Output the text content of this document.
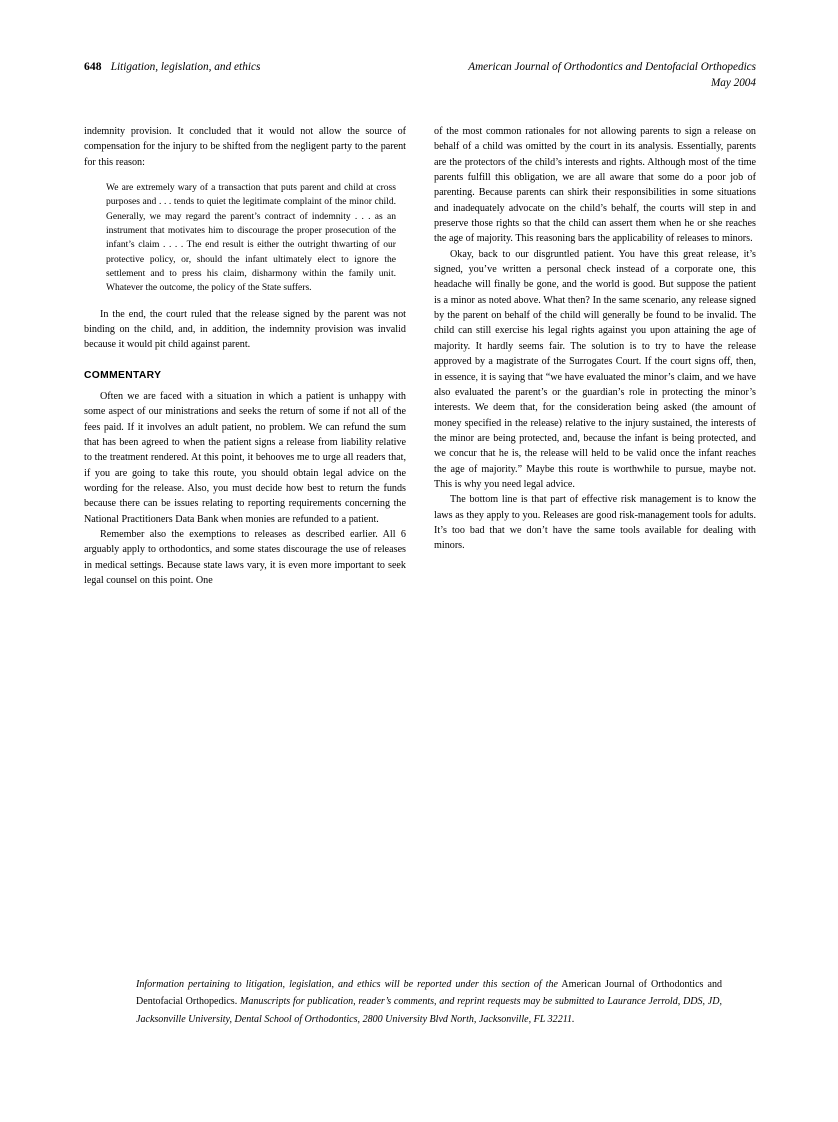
648 Litigation, legislation, and ethics	American Journal of Orthodontics and Dentofacial Orthopedics
May 2004

indemnity provision. It concluded that it would not allow the source of compensation for the injury to be shifted from the negligent party to the parent for this reason:

We are extremely wary of a transaction that puts parent and child at cross purposes and . . . tends to quiet the legitimate complaint of the minor child. Generally, we may regard the parent’s contract of indemnity . . . as an instrument that motivates him to discourage the proper prosecution of the infant’s claim . . . . The end result is either the outright thwarting of our protective policy, or, should the infant ultimately elect to ignore the settlement and to press his claim, disharmony within the family unit. Whatever the outcome, the policy of the State suffers.

In the end, the court ruled that the release signed by the parent was not binding on the child, and, in addition, the indemnity provision was invalid because it would pit child against parent.

COMMENTARY

Often we are faced with a situation in which a patient is unhappy with some aspect of our ministrations and seeks the return of some if not all of the fees paid. If it involves an adult patient, no problem. We can refund the sum that has been agreed to when the patient signs a release from liability relative to the treatment rendered. At this point, it behooves me to urge all readers that, if you are going to take this route, you should obtain legal advice on the wording for the release. Also, you must decide how best to return the funds because there can be issues relating to reporting requirements concerning the National Practitioners Data Bank when monies are refunded to a patient.

Remember also the exemptions to releases as described earlier. All 6 arguably apply to orthodontics, and some states discourage the use of releases in medical settings. Because state laws vary, it is even more important to seek legal counsel on this point. One

of the most common rationales for not allowing parents to sign a release on behalf of a child was omitted by the court in its analysis. Essentially, parents are the protectors of the child’s interests and rights. Although most of the time parents fulfill this obligation, we are all aware that some do a poor job of parenting. Because parents can shirk their responsibilities in some situations and inadequately advocate on the child’s behalf, the courts will step in and preserve those rights so that the child can assert them when he or she reaches the age of majority. This reasoning bars the applicability of releases to minors.

Okay, back to our disgruntled patient. You have this great release, it’s signed, you’ve written a personal check instead of a corporate one, this headache will finally be gone, and the world is good. But suppose the patient is a minor as noted above. What then? In the same scenario, any release signed by the parent on behalf of the child will generally be found to be invalid. The child can still exercise his legal rights against you upon attaining the age of majority. It hardly seems fair. The solution is to try to have the release approved by a magistrate of the Surrogates Court. If the court signs off, then, in essence, it is saying that “we have evaluated the minor’s claim, and we have also evaluated the parent’s or the guardian’s role in protecting the minor’s interests. We deem that, for the consideration being asked (the amount of money specified in the release) relative to the injury sustained, the interests of the minor are being protected, and, because the infant is being protected, and we concur that he is, the release will held to be valid once the infant reaches the age of majority.” Maybe this route is worthwhile to pursue, maybe not. This is why you need legal advice.

The bottom line is that part of effective risk management is to know the laws as they apply to you. Releases are good risk-management tools for adults. It’s too bad that we don’t have the same tools available for dealing with minors.

Information pertaining to litigation, legislation, and ethics will be reported under this section of the American Journal of Orthodontics and Dentofacial Orthopedics. Manuscripts for publication, reader’s comments, and reprint requests may be submitted to Laurance Jerrold, DDS, JD, Jacksonville University, Dental School of Orthodontics, 2800 University Blvd North, Jacksonville, FL 32211.
